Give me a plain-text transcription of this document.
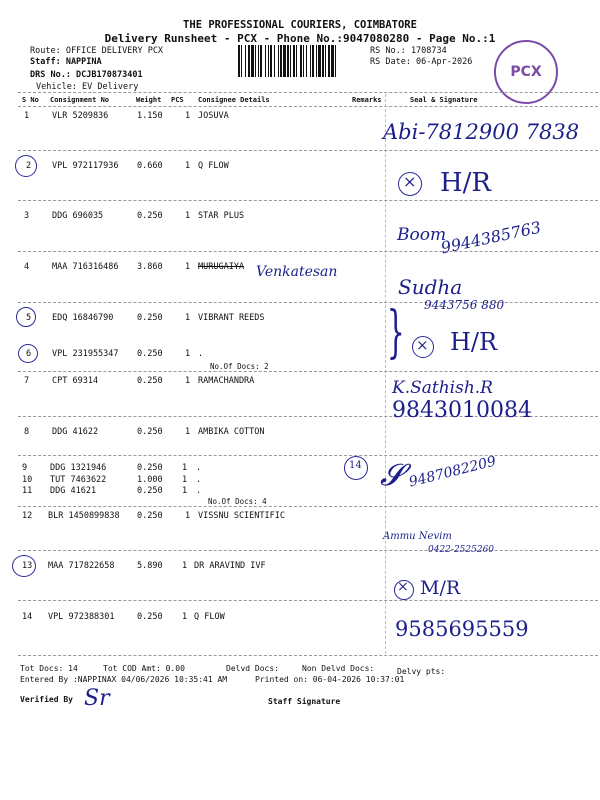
THE PROFESSIONAL COURIERS, COIMBATORE
Delivery Runsheet - PCX - Phone No.:9047080280 - Page No.:1
Route: OFFICE DELIVERY PCX
Staff: NAPPINA
DRS No.: DCJB170873401
Vehicle: EV Delivery
RS No.: 1708734
RS Date: 06-Apr-2026
PCX
S No Consignment No	Weight PCS Consignee Details	Remarks	Seal & Signature
1	VLR 5209836	1.150	1 JOSUVA
2 VPL 972117936 0.660	1 Q FLOW
3	DDG 696035	0.250	1 STAR PLUS
4	MAA 716316486 3.860	1 MURUGAIYA
5 EDQ 16846790	0.250	1 VIBRANT REEDS
6 VPL 231955347 0.250	1 .
No.Of Docs: 2
7	CPT 69314	0.250	1 RAMACHANDRA
8	DDG 41622	0.250	1 AMBIKA COTTON
9	DDG 1321946	0.250 1 .
10 TUT 7463622	1.000 1 .
11 DDG 41621	0.250 1 .
No.Of Docs: 4
12 BLR 1450899838 0.250	1 VISSNU SCIENTIFIC
13 MAA 717822658	5.890 1 DR ARAVIND IVF
14 VPL 972388301	0.250 1 Q FLOW
Abi-7812900 7838
× H/R
Boom
9944385763
Venkatesan
Sudha
9443756 880
} × H/R
K.Sathish.R
9843010084
14 𝓢 9487082209
Ammu Nevim
0422-2525260
× M/R
9585695559
Tot Docs: 14	Tot COD Amt: 0.00	Delvd Docs:	Non Delvd Docs:	Delvy pts:
Entered By :NAPPINAX 04/06/2026 10:35:41 AM	Printed on: 06-04-2026 10:37:01
Verified By Sr	Staff Signature
